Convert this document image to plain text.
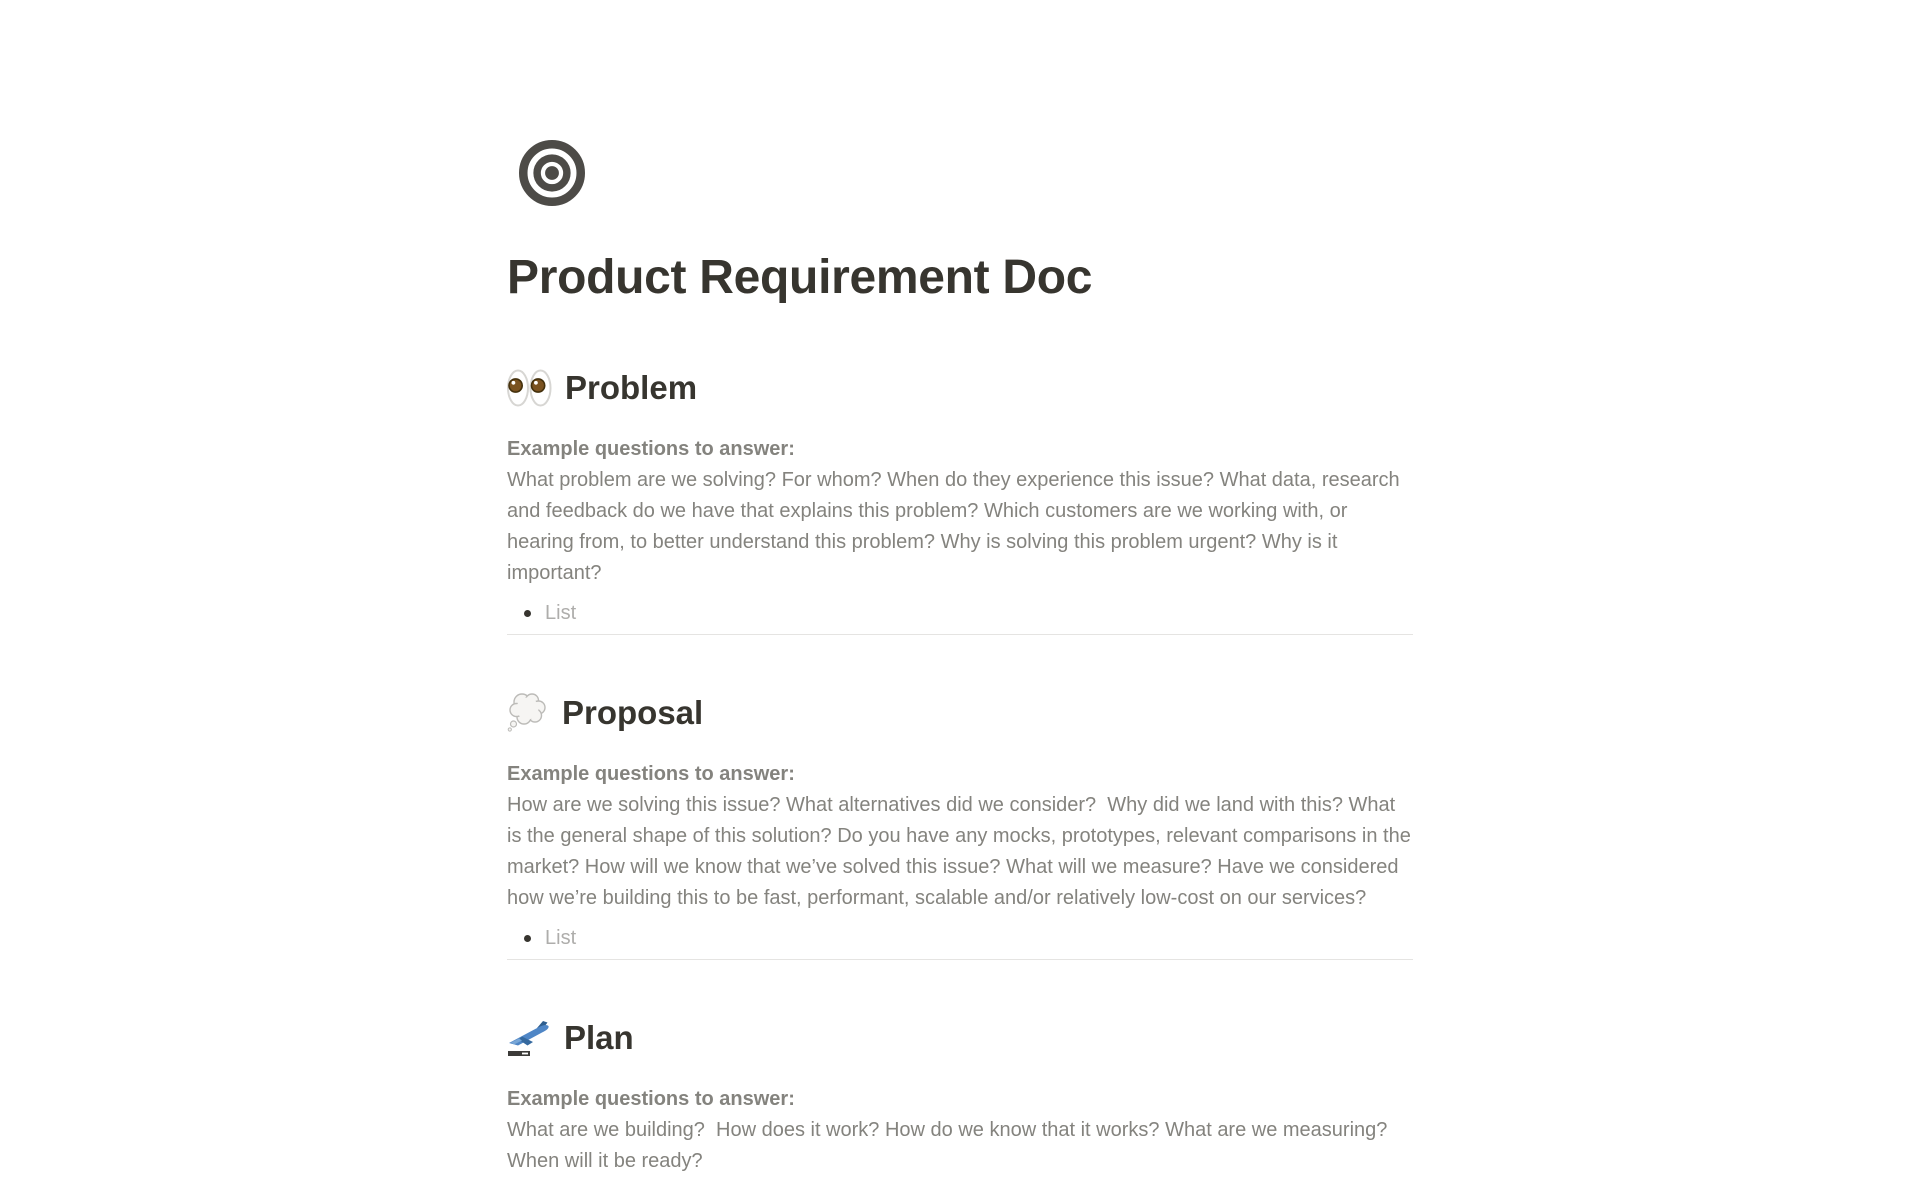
Product Requirement Doc
Problem
Example questions to answer:
What problem are we solving? For whom? When do they experience this issue? What data, research and feedback do we have that explains this problem? Which customers are we working with, or hearing from, to better understand this problem? Why is solving this problem urgent? Why is it important?
List
Proposal
Example questions to answer:
How are we solving this issue? What alternatives did we consider?  Why did we land with this? What is the general shape of this solution? Do you have any mocks, prototypes, relevant comparisons in the market? How will we know that we’ve solved this issue? What will we measure? Have we considered how we’re building this to be fast, performant, scalable and/or relatively low-cost on our services?
List
Plan
Example questions to answer:
What are we building?  How does it work? How do we know that it works? What are we measuring? When will it be ready?
